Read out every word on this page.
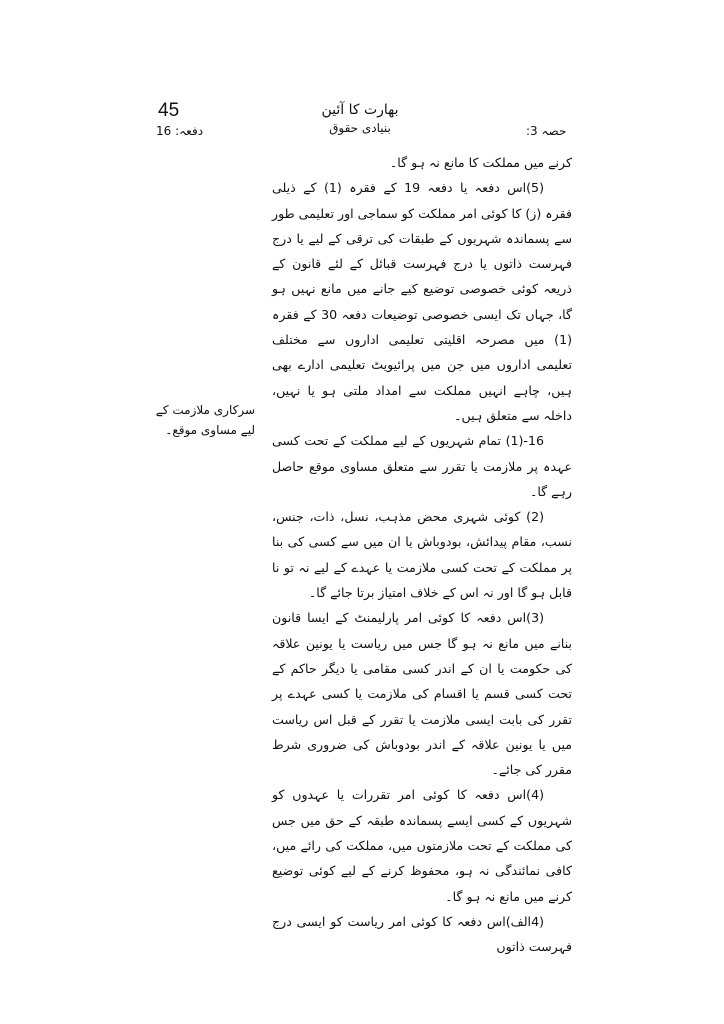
45
دفعہ: 16
بھارت کا آئین
بنیادی حقوق	حصہ 3:
سرکاری ملازمت کے لیے مساوی موقع۔

کرنے میں مملکت کا مانع نہ ہو گا۔

(5)اس دفعہ یا دفعہ 19 کے فقرہ (1) کے ذیلی فقرہ (ز) کا کوئی امر مملکت کو سماجی اور تعلیمی طور سے پسماندہ شہریوں کے طبقات کی ترقی کے لیے یا درج فہرست ذاتوں یا درج فہرست قبائل کے لئے قانون کے ذریعہ کوئی خصوصی توضیع کیے جانے میں مانع نہیں ہو گا، جہاں تک ایسی خصوصی توضیعات دفعہ 30 کے فقرہ (1) میں مصرحہ اقلیتی تعلیمی اداروں سے مختلف تعلیمی اداروں میں جن میں پرائیویٹ تعلیمی ادارے بھی ہیں، چاہے انہیں مملکت سے امداد ملتی ہو یا نہیں، داخلہ سے متعلق ہیں۔

16-(1) تمام شہریوں کے لیے مملکت کے تحت کسی عہدہ پر ملازمت یا تقرر سے متعلق مساوی موقع حاصل رہے گا۔

(2) کوئی شہری محض مذہب، نسل، ذات، جنس، نسب، مقام پیدائش، بودوباش یا ان میں سے کسی کی بنا پر مملکت کے تحت کسی ملازمت یا عہدے کے لیے نہ تو نا قابل ہو گا اور نہ اس کے خلاف امتیاز برتا جائے گا۔

(3)اس دفعہ کا کوئی امر پارلیمنٹ کے ایسا قانون بنانے میں مانع نہ ہو گا جس میں ریاست یا یونین علاقہ کی حکومت یا ان کے اندر کسی مقامی یا دیگر حاکم کے تحت کسی قسم یا اقسام کی ملازمت یا کسی عہدے پر تقرر کی بابت ایسی ملازمت یا تقرر کے قبل اس ریاست میں یا یونین علاقہ کے اندر بودوباش کی ضروری شرط مقرر کی جائے۔

(4)اس دفعہ کا کوئی امر تقررات یا عہدوں کو شہریوں کے کسی ایسے پسماندہ طبقہ کے حق میں جس کی مملکت کے تحت ملازمتوں میں، مملکت کی رائے میں، کافی نمائندگی نہ ہو، محفوظ کرنے کے لیے کوئی توضیع کرنے میں مانع نہ ہو گا۔

(4الف)اس دفعہ کا کوئی امر ریاست کو ایسی درج فہرست ذاتوں
